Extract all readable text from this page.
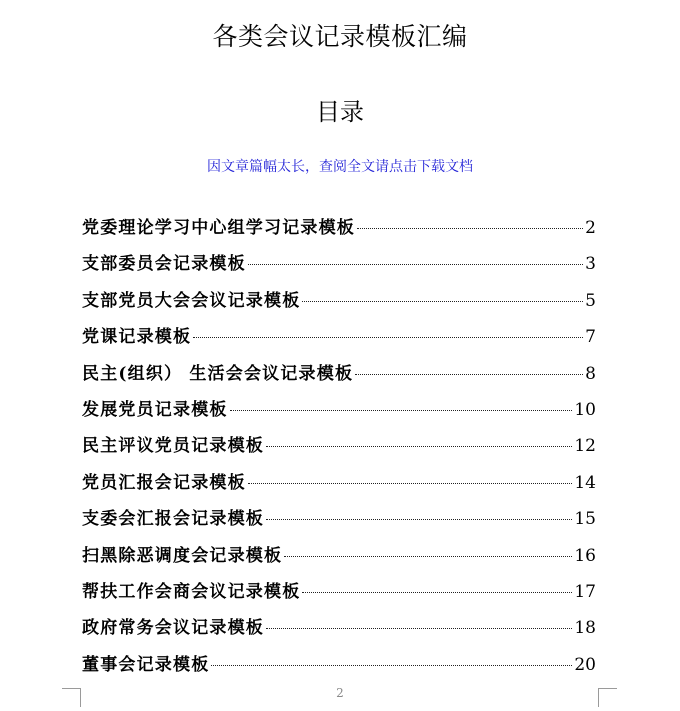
各类会议记录模板汇编
目录
因文章篇幅太长，查阅全文请点击下载文档
党委理论学习中心组学习记录模板	2
支部委员会记录模板	3
支部党员大会会议记录模板	5
党课记录模板	7
民主(组织） 生活会会议记录模板	8
发展党员记录模板	10
民主评议党员记录模板	12
党员汇报会记录模板	14
支委会汇报会记录模板	15
扫黑除恶调度会记录模板	16
帮扶工作会商会议记录模板	17
政府常务会议记录模板	18
董事会记录模板	20
2
